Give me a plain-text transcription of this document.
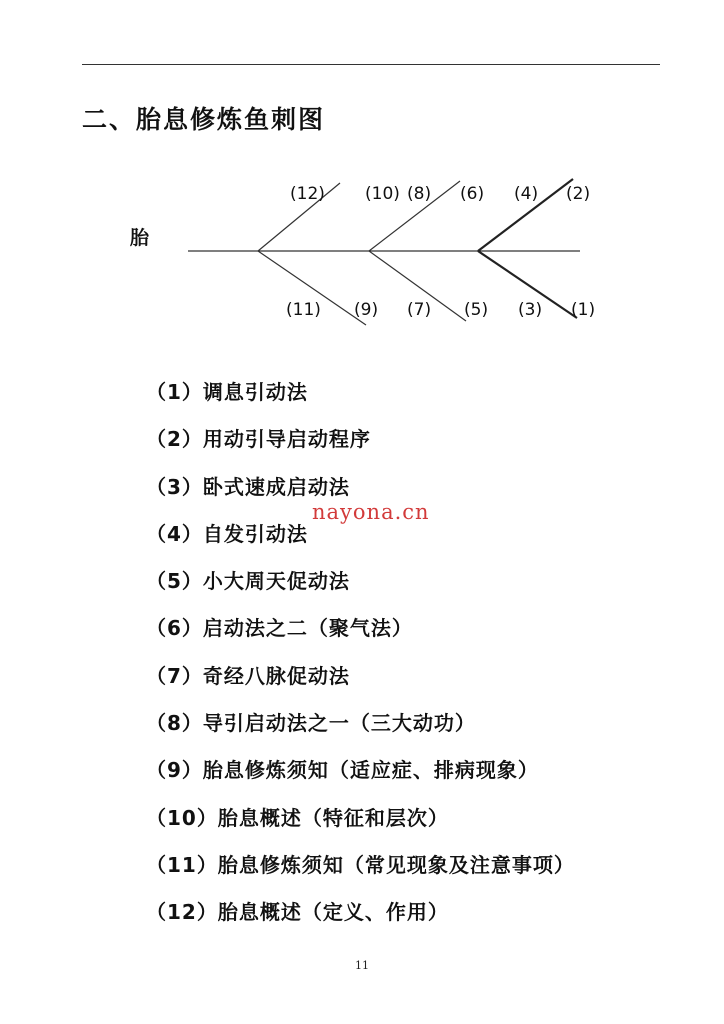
二、胎息修炼鱼刺图
胎
(12) (10) (8) (6) (4) (2)
(11) (9) (7) (5) (3) (1)
（1）调息引动法
（2）用动引导启动程序
（3）卧式速成启动法
（4）自发引动法
（5）小大周天促动法
（6）启动法之二（聚气法）
（7）奇经八脉促动法
（8）导引启动法之一（三大动功）
（9）胎息修炼须知（适应症、排病现象）
（10）胎息概述（特征和层次）
（11）胎息修炼须知（常见现象及注意事项）
（12）胎息概述（定义、作用）
nayona.cn
11
